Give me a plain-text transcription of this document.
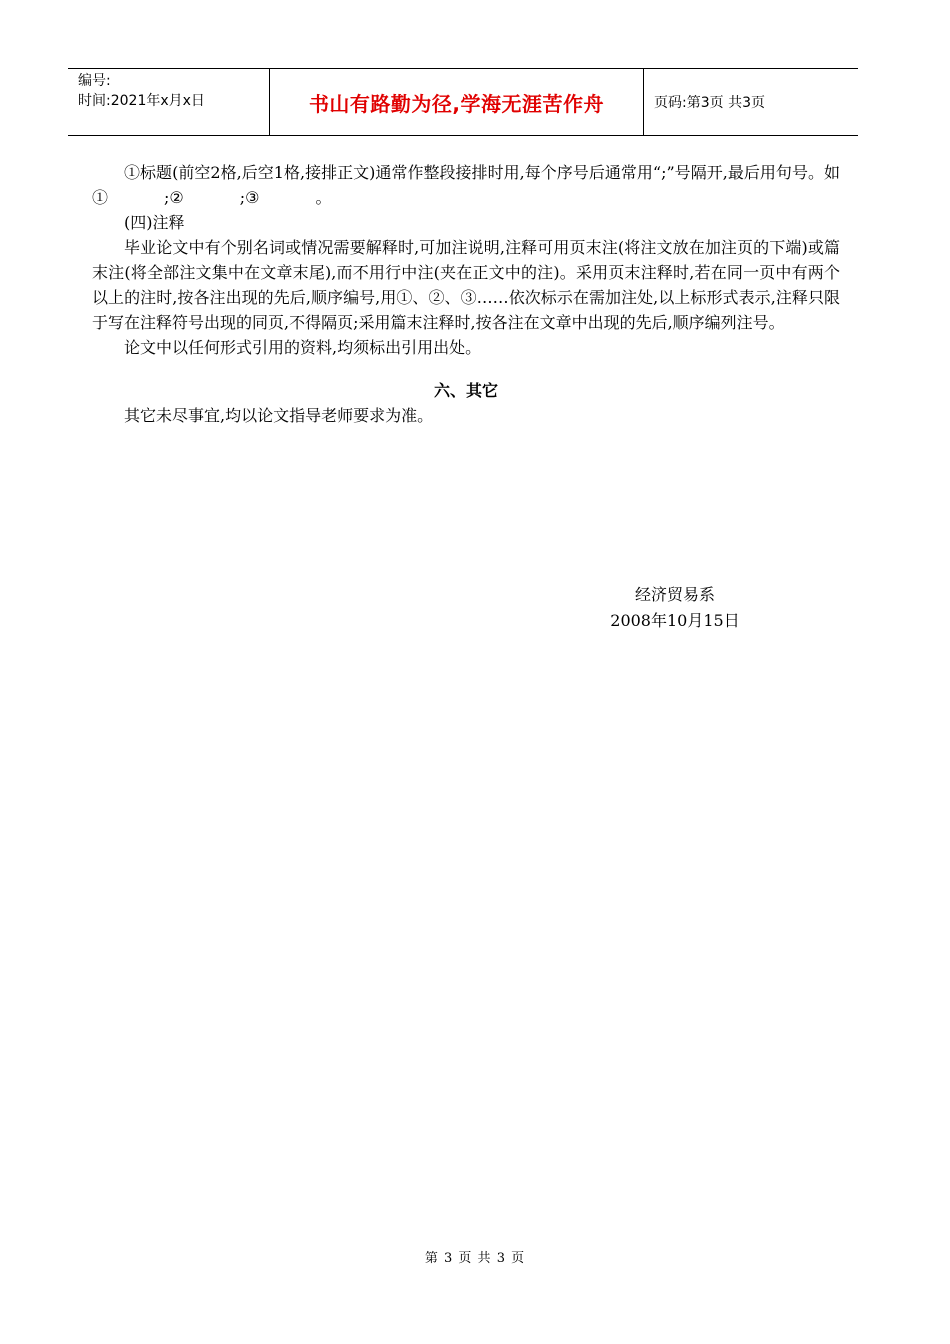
编号:
时间:2021年x月x日	书山有路勤为径,学海无涯苦作舟	页码:第3页 共3页

①标题(前空2格,后空1格,接排正文)通常作整段接排时用,每个序号后通常用“;”号隔开,最后用句号。如①	;②	;③	。

(四)注释

毕业论文中有个别名词或情况需要解释时,可加注说明,注释可用页末注(将注文放在加注页的下端)或篇末注(将全部注文集中在文章末尾),而不用行中注(夹在正文中的注)。采用页末注释时,若在同一页中有两个以上的注时,按各注出现的先后,顺序编号,用①、②、③……依次标示在需加注处,以上标形式表示,注释只限于写在注释符号出现的同页,不得隔页;采用篇末注释时,按各注在文章中出现的先后,顺序编列注号。

论文中以任何形式引用的资料,均须标出引用出处。

六、其它

其它未尽事宜,均以论文指导老师要求为准。

经济贸易系
2008年10月15日
第 3 页 共 3 页
